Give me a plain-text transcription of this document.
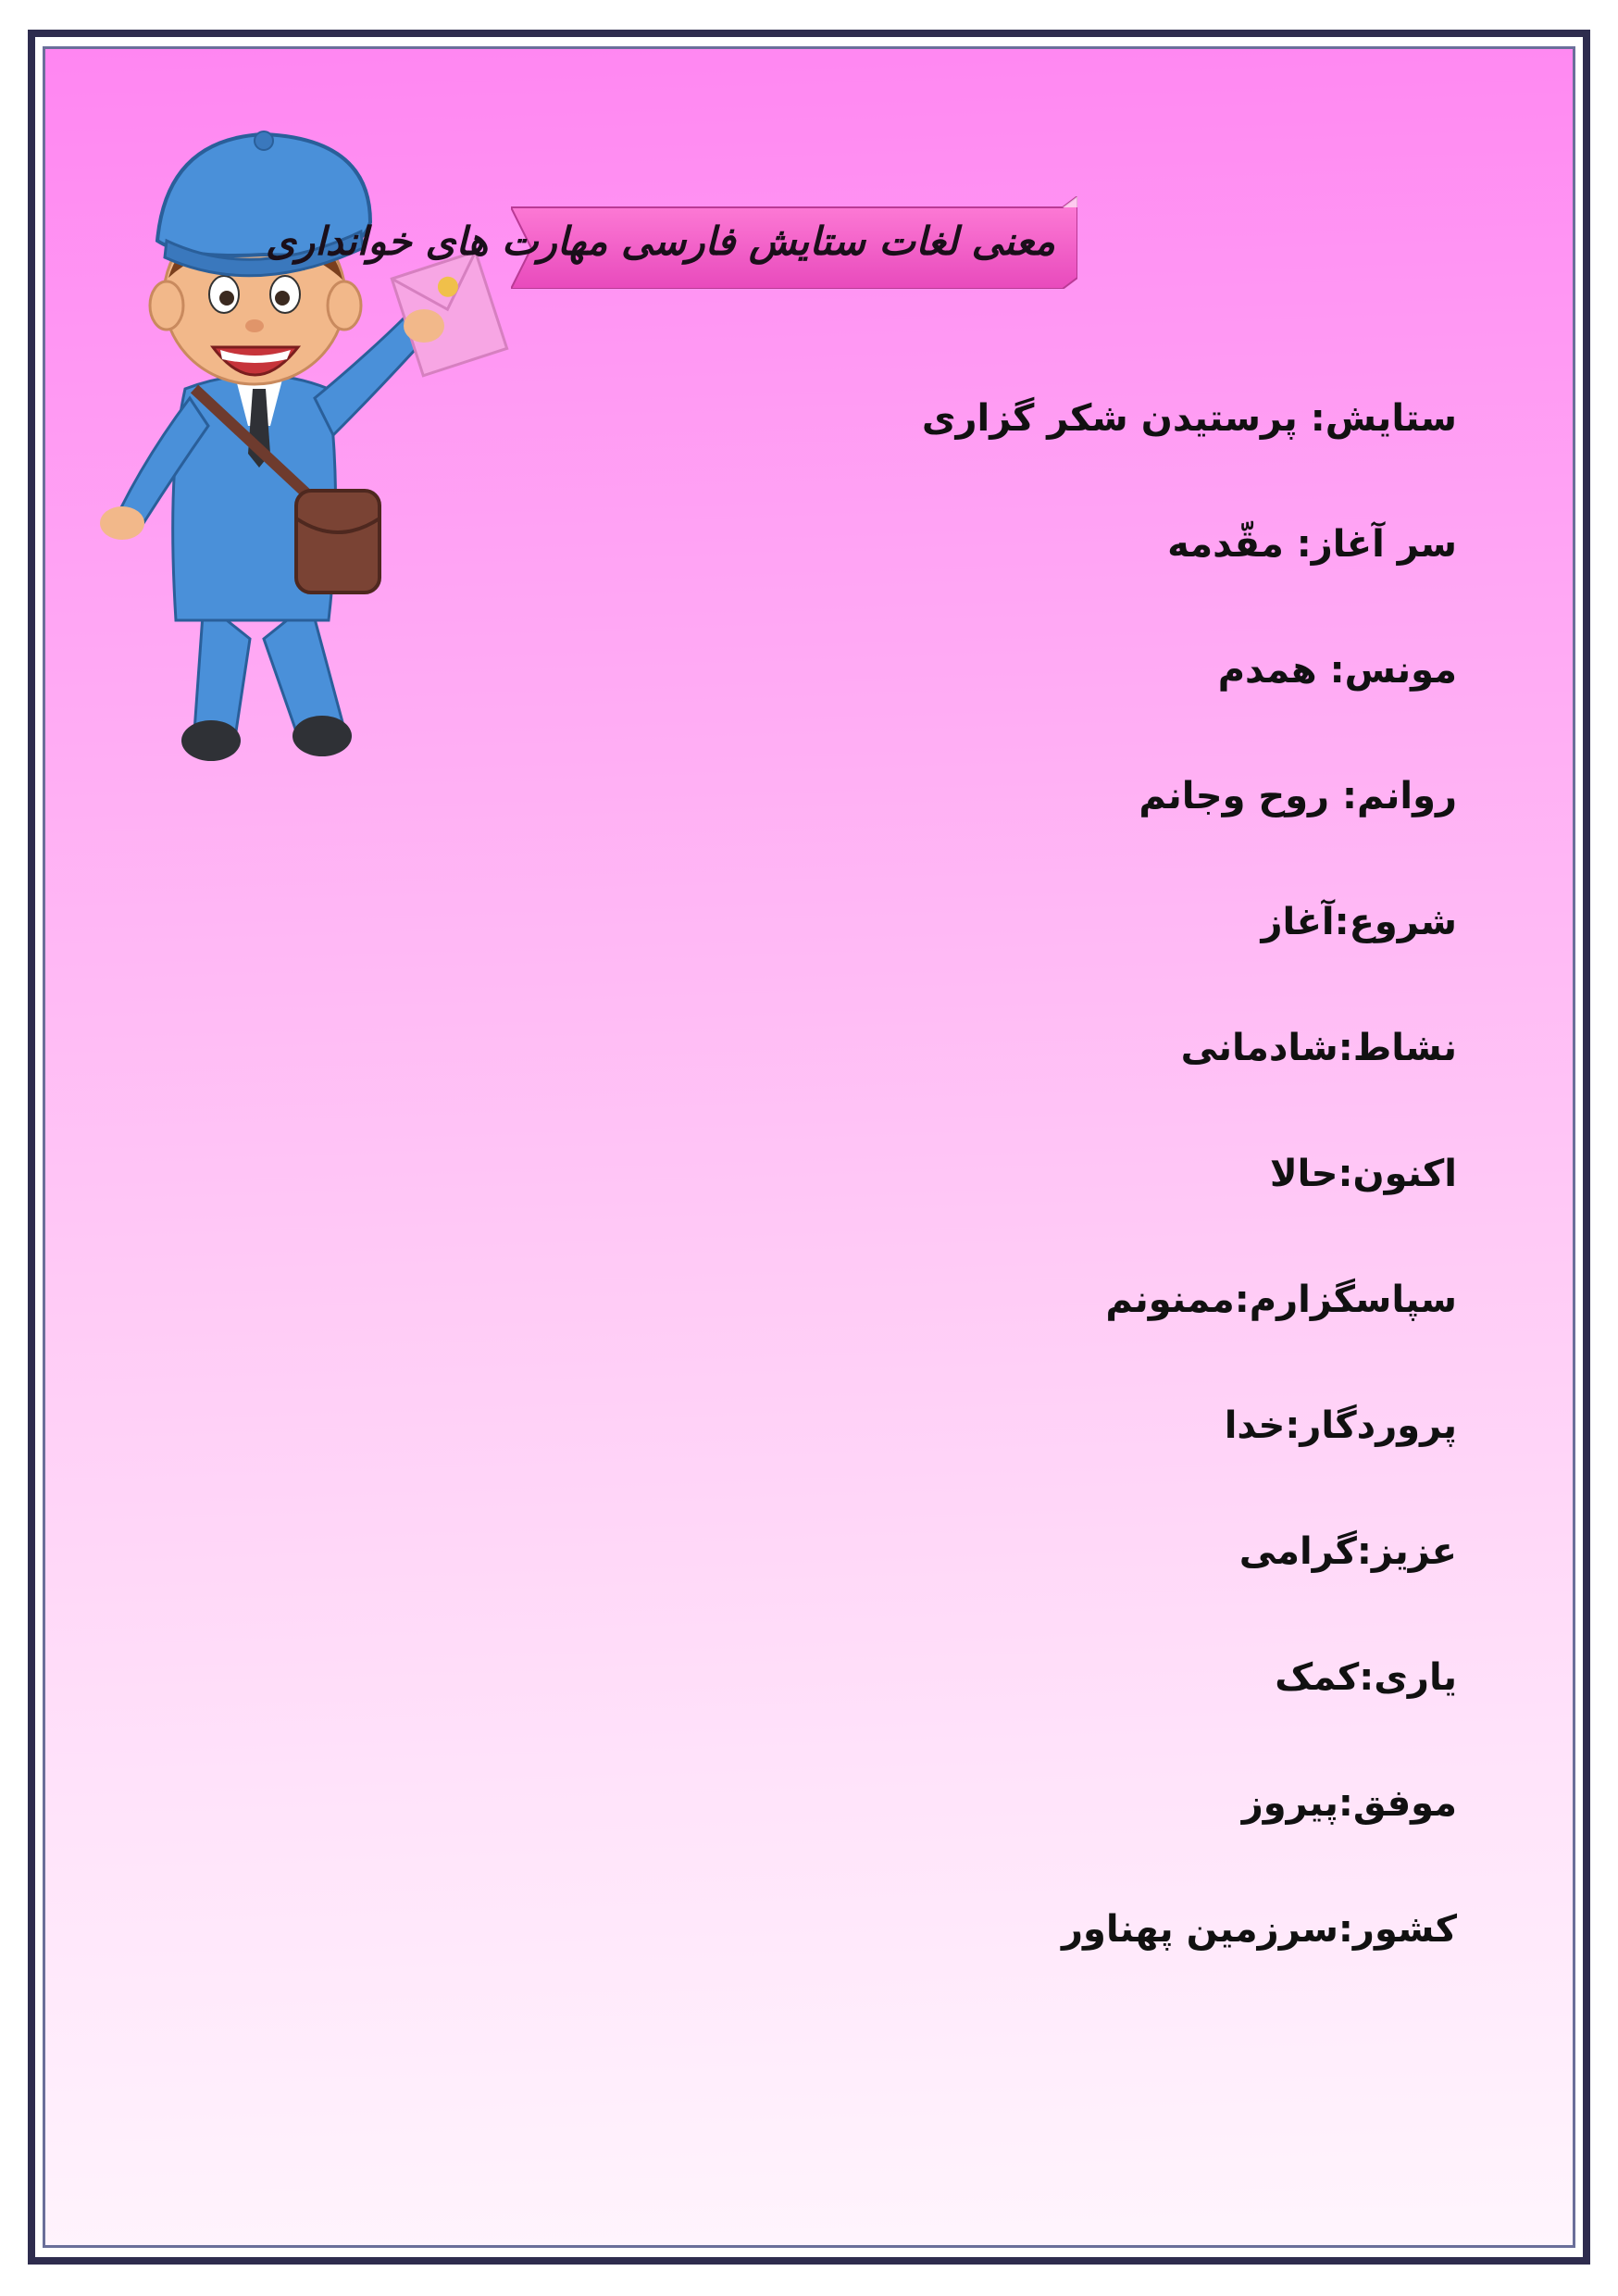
معنی لغات ستایش فارسی مهارت های خوانداری
ستایش: پرستیدن شکر گزاری
سر آغاز: مقّدمه
مونس: همدم
روانم: روح وجانم
شروع:آغاز
نشاط:شادمانی
اکنون:حالا
سپاسگزارم:ممنونم
پروردگار:خدا
عزیز:گرامی
یاری:کمک
موفق:پیروز
کشور:سرزمین پهناور
